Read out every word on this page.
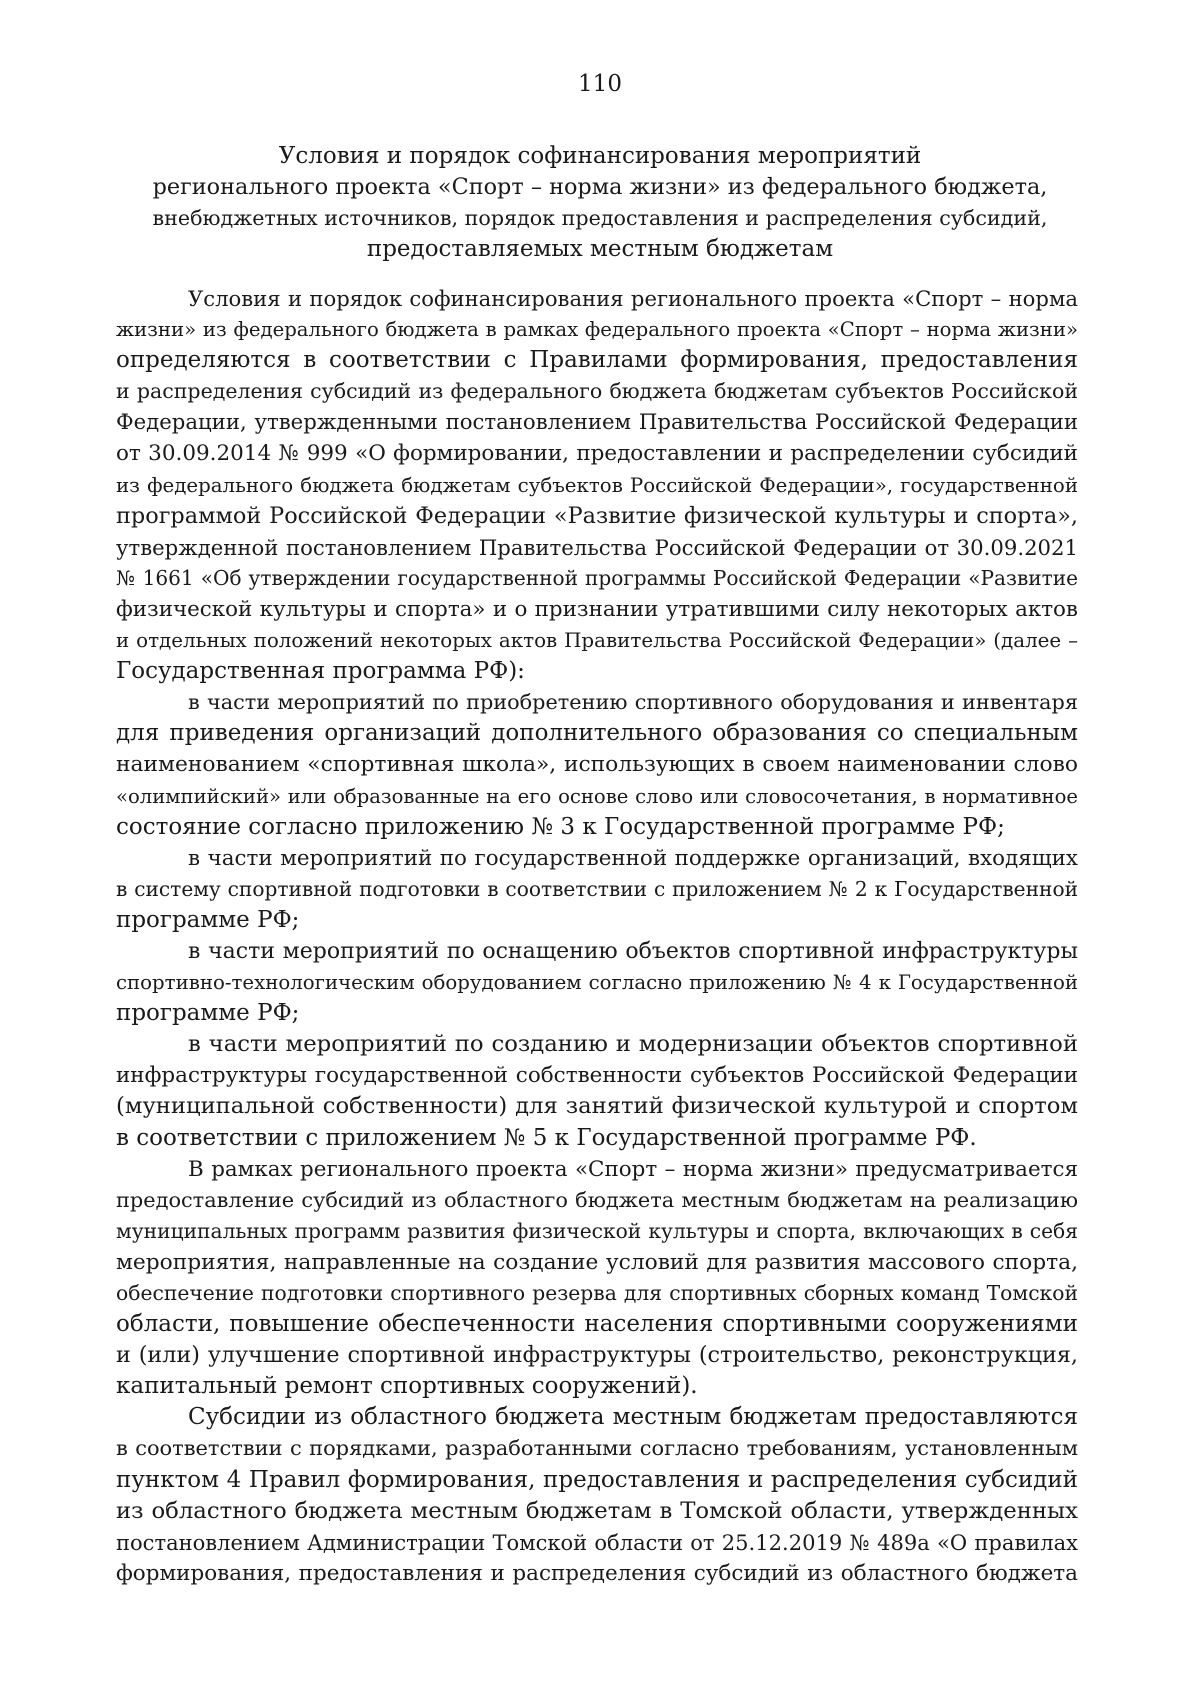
110
Условия и порядок софинансирования мероприятий
регионального проекта «Спорт – норма жизни» из федерального бюджета,
внебюджетных источников, порядок предоставления и распределения субсидий,
предоставляемых местным бюджетам
Условия и порядок софинансирования регионального проекта «Спорт – норма
жизни» из федерального бюджета в рамках федерального проекта «Спорт – норма жизни»
определяются в соответствии с Правилами формирования, предоставления
и распределения субсидий из федерального бюджета бюджетам субъектов Российской
Федерации, утвержденными постановлением Правительства Российской Федерации
от 30.09.2014 № 999 «О формировании, предоставлении и распределении субсидий
из федерального бюджета бюджетам субъектов Российской Федерации», государственной
программой Российской Федерации «Развитие физической культуры и спорта»,
утвержденной постановлением Правительства Российской Федерации от 30.09.2021
№ 1661 «Об утверждении государственной программы Российской Федерации «Развитие
физической культуры и спорта» и о признании утратившими силу некоторых актов
и отдельных положений некоторых актов Правительства Российской Федерации» (далее –
Государственная программа РФ):
в части мероприятий по приобретению спортивного оборудования и инвентаря
для приведения организаций дополнительного образования со специальным
наименованием «спортивная школа», использующих в своем наименовании слово
«олимпийский» или образованные на его основе слово или словосочетания, в нормативное
состояние согласно приложению № 3 к Государственной программе РФ;
в части мероприятий по государственной поддержке организаций, входящих
в систему спортивной подготовки в соответствии с приложением № 2 к Государственной
программе РФ;
в части мероприятий по оснащению объектов спортивной инфраструктуры
спортивно-технологическим оборудованием согласно приложению № 4 к Государственной
программе РФ;
в части мероприятий по созданию и модернизации объектов спортивной
инфраструктуры государственной собственности субъектов Российской Федерации
(муниципальной собственности) для занятий физической культурой и спортом
в соответствии с приложением № 5 к Государственной программе РФ.
В рамках регионального проекта «Спорт – норма жизни» предусматривается
предоставление субсидий из областного бюджета местным бюджетам на реализацию
муниципальных программ развития физической культуры и спорта, включающих в себя
мероприятия, направленные на создание условий для развития массового спорта,
обеспечение подготовки спортивного резерва для спортивных сборных команд Томской
области, повышение обеспеченности населения спортивными сооружениями
и (или) улучшение спортивной инфраструктуры (строительство, реконструкция,
капитальный ремонт спортивных сооружений).
Субсидии из областного бюджета местным бюджетам предоставляются
в соответствии с порядками, разработанными согласно требованиям, установленным
пунктом 4 Правил формирования, предоставления и распределения субсидий
из областного бюджета местным бюджетам в Томской области, утвержденных
постановлением Администрации Томской области от 25.12.2019 № 489а «О правилах
формирования, предоставления и распределения субсидий из областного бюджета
